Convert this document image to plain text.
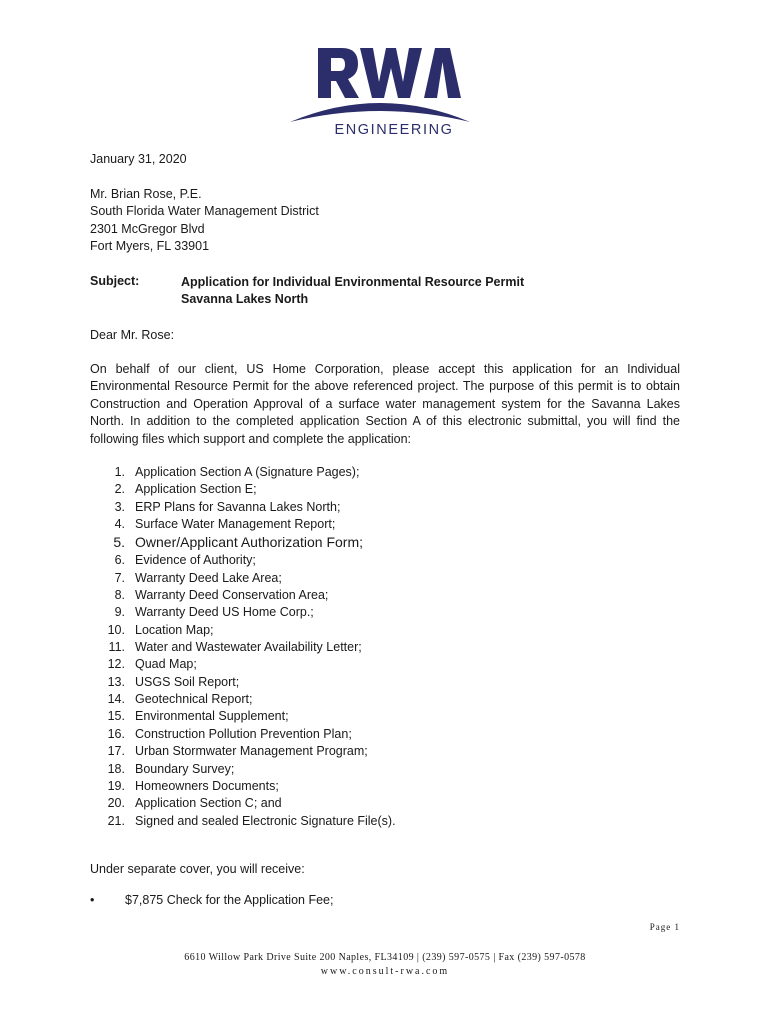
ENGINEERING
January 31, 2020
Mr. Brian Rose, P.E.
South Florida Water Management District
2301 McGregor Blvd
Fort Myers, FL 33901
Subject:	Application for Individual Environmental Resource Permit
Savanna Lakes North
Dear Mr. Rose:
On behalf of our client, US Home Corporation, please accept this application for an Individual Environmental Resource Permit for the above referenced project. The purpose of this permit is to obtain Construction and Operation Approval of a surface water management system for the Savanna Lakes North. In addition to the completed application Section A of this electronic submittal, you will find the following files which support and complete the application:
1. Application Section A (Signature Pages);
2. Application Section E;
3. ERP Plans for Savanna Lakes North;
4. Surface Water Management Report;
5. Owner/Applicant Authorization Form;
6. Evidence of Authority;
7. Warranty Deed Lake Area;
8. Warranty Deed Conservation Area;
9. Warranty Deed US Home Corp.;
10. Location Map;
11. Water and Wastewater Availability Letter;
12. Quad Map;
13. USGS Soil Report;
14. Geotechnical Report;
15. Environmental Supplement;
16. Construction Pollution Prevention Plan;
17. Urban Stormwater Management Program;
18. Boundary Survey;
19. Homeowners Documents;
20. Application Section C; and
21. Signed and sealed Electronic Signature File(s).
Under separate cover, you will receive:
• $7,875 Check for the Application Fee;
Page 1
6610 Willow Park Drive Suite 200 Naples, FL34109 | (239) 597-0575 | Fax (239) 597-0578
www.consult-rwa.com
